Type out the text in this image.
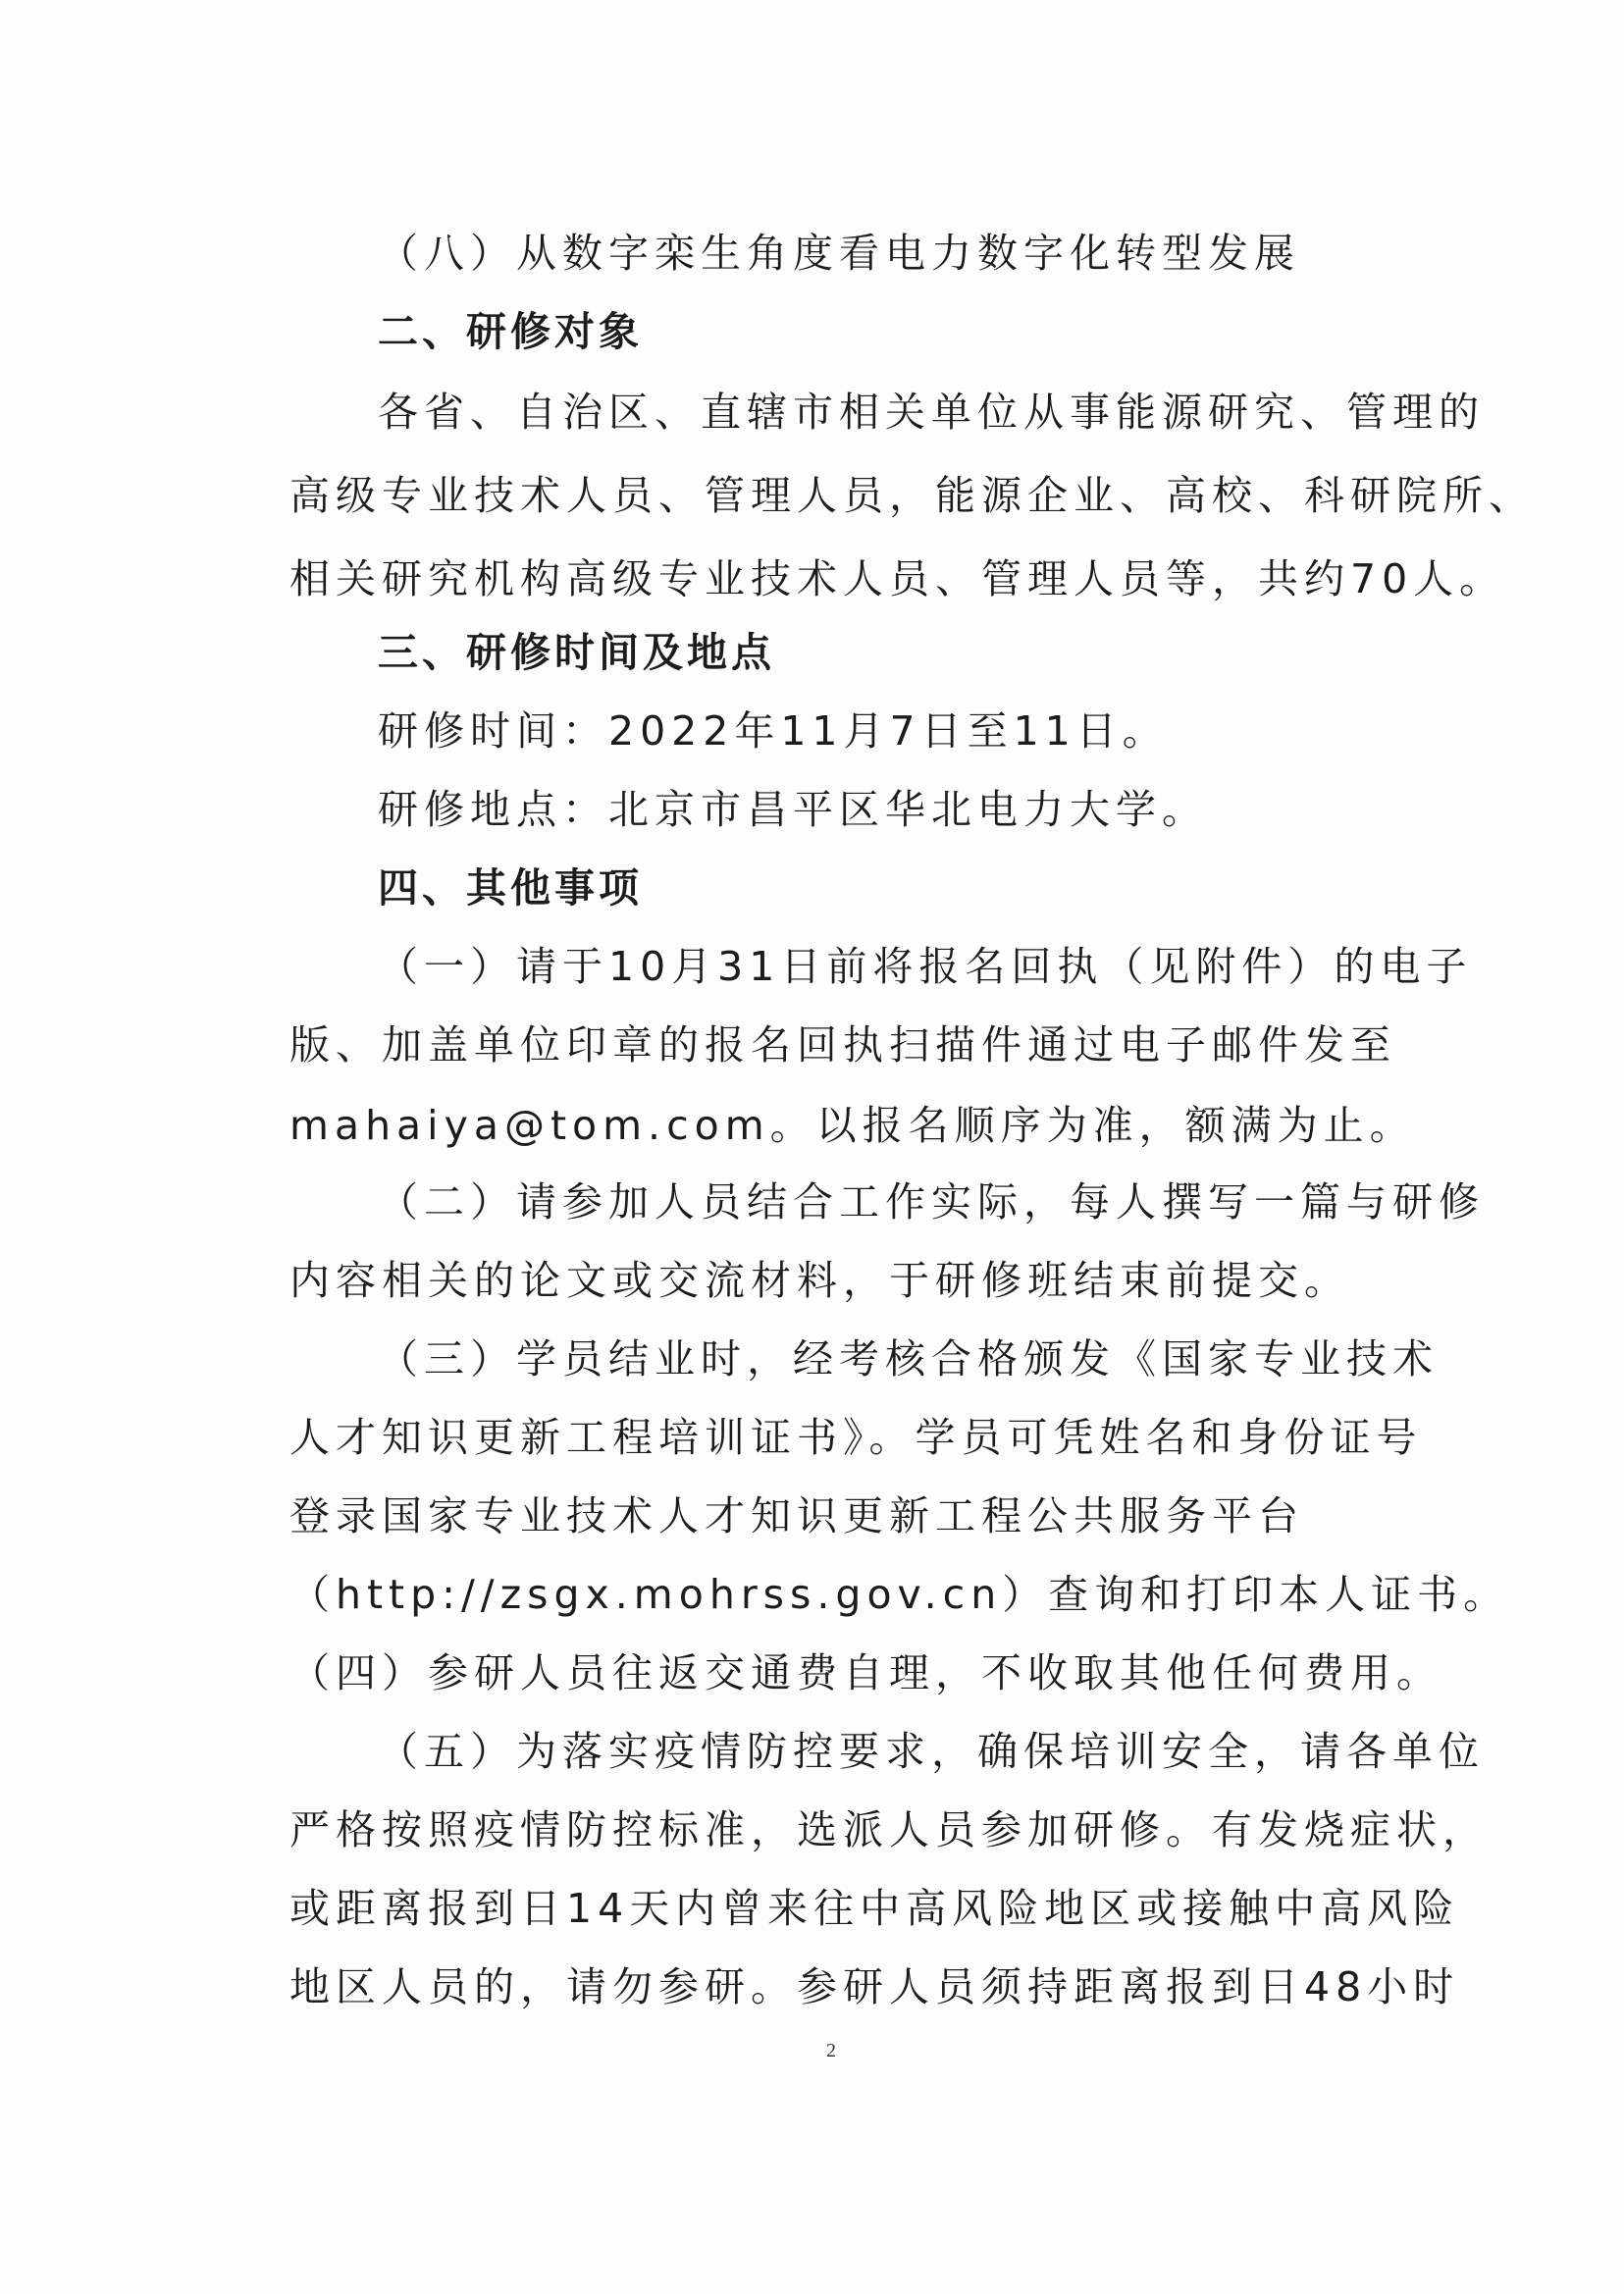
（八）从数字栾生角度看电力数字化转型发展
二、研修对象
各省、自治区、直辖市相关单位从事能源研究、管理的
高级专业技术人员、管理人员，能源企业、高校、科研院所、
相关研究机构高级专业技术人员、管理人员等，共约70人。
三、研修时间及地点
研修时间：2022年11月7日至11日。
研修地点：北京市昌平区华北电力大学。
四、其他事项
（一）请于10月31日前将报名回执（见附件）的电子
版、加盖单位印章的报名回执扫描件通过电子邮件发至
mahaiya@tom.com。以报名顺序为准，额满为止。
（二）请参加人员结合工作实际，每人撰写一篇与研修
内容相关的论文或交流材料，于研修班结束前提交。
（三）学员结业时，经考核合格颁发《国家专业技术
人才知识更新工程培训证书》。学员可凭姓名和身份证号
登录国家专业技术人才知识更新工程公共服务平台
（http://zsgx.mohrss.gov.cn）查询和打印本人证书。
（四）参研人员往返交通费自理，不收取其他任何费用。
（五）为落实疫情防控要求，确保培训安全，请各单位
严格按照疫情防控标准，选派人员参加研修。有发烧症状，
或距离报到日14天内曾来往中高风险地区或接触中高风险
地区人员的，请勿参研。参研人员须持距离报到日48小时
2
